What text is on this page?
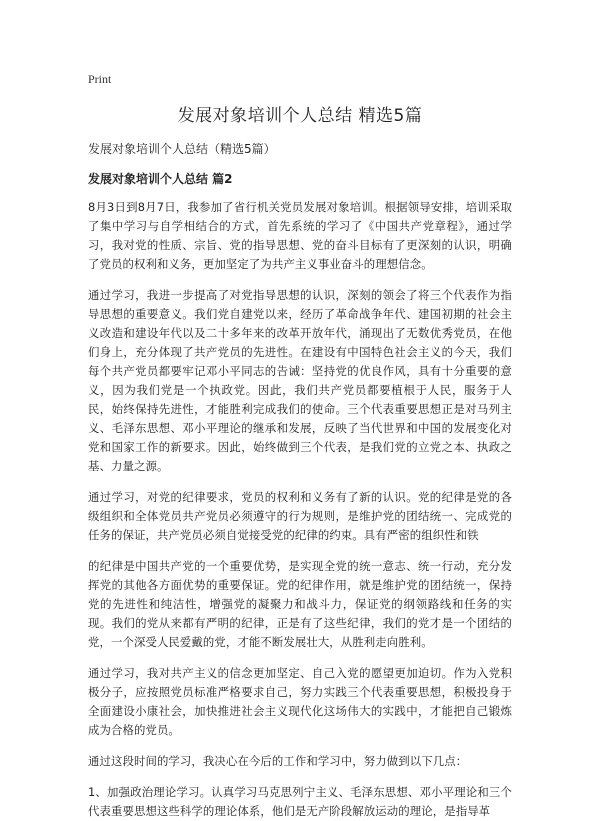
Print
发展对象培训个人总结 精选5篇

发展对象培训个人总结（精选5篇）

发展对象培训个人总结 篇2

8月3日到8月7日，我参加了省行机关党员发展对象培训。根据领导安排，培训采取了集中学习与自学相结合的方式，首先系统的学习了《中国共产党章程》，通过学习，我对党的性质、宗旨、党的指导思想、党的奋斗目标有了更深刻的认识，明确了党员的权利和义务，更加坚定了为共产主义事业奋斗的理想信念。

通过学习，我进一步提高了对党指导思想的认识，深刻的领会了将三个代表作为指导思想的重要意义。我们党自建党以来，经历了革命战争年代、建国初期的社会主义改造和建设年代以及二十多年来的改革开放年代，涌现出了无数优秀党员，在他们身上，充分体现了共产党员的先进性。在建设有中国特色社会主义的今天，我们每个共产党员都要牢记邓小平同志的告诫：坚持党的优良作风，具有十分重要的意义，因为我们党是一个执政党。因此，我们共产党员都要植根于人民，服务于人民，始终保持先进性，才能胜利完成我们的使命。三个代表重要思想正是对马列主义、毛泽东思想、邓小平理论的继承和发展，反映了当代世界和中国的发展变化对党和国家工作的新要求。因此，始终做到三个代表，是我们党的立党之本、执政之基、力量之源。

通过学习，对党的纪律要求，党员的权利和义务有了新的认识。党的纪律是党的各级组织和全体党员共产党员必须遵守的行为规则，是维护党的团结统一、完成党的任务的保证，共产党员必须自觉接受党的纪律的约束。具有严密的组织性和铁

的纪律是中国共产党的一个重要优势，是实现全党的统一意志、统一行动，充分发挥党的其他各方面优势的重要保证。党的纪律作用，就是维护党的团结统一，保持党的先进性和纯洁性，增强党的凝聚力和战斗力，保证党的纲领路线和任务的实现。我们的党从来都有严明的纪律，正是有了这些纪律，我们的党才是一个团结的党，一个深受人民爱戴的党，才能不断发展壮大，从胜利走向胜利。

通过学习，我对共产主义的信念更加坚定、自己入党的愿望更加迫切。作为入党积极分子，应按照党员标准严格要求自己，努力实践三个代表重要思想，积极投身于全面建设小康社会，加快推进社会主义现代化这场伟大的实践中，才能把自己锻炼成为合格的党员。

通过这段时间的学习，我决心在今后的工作和学习中，努力做到以下几点：

1、加强政治理论学习。认真学习马克思列宁主义、毛泽东思想、邓小平理论和三个代表重要思想这些科学的理论体系，他们是无产阶段解放运动的理论，是指导革
